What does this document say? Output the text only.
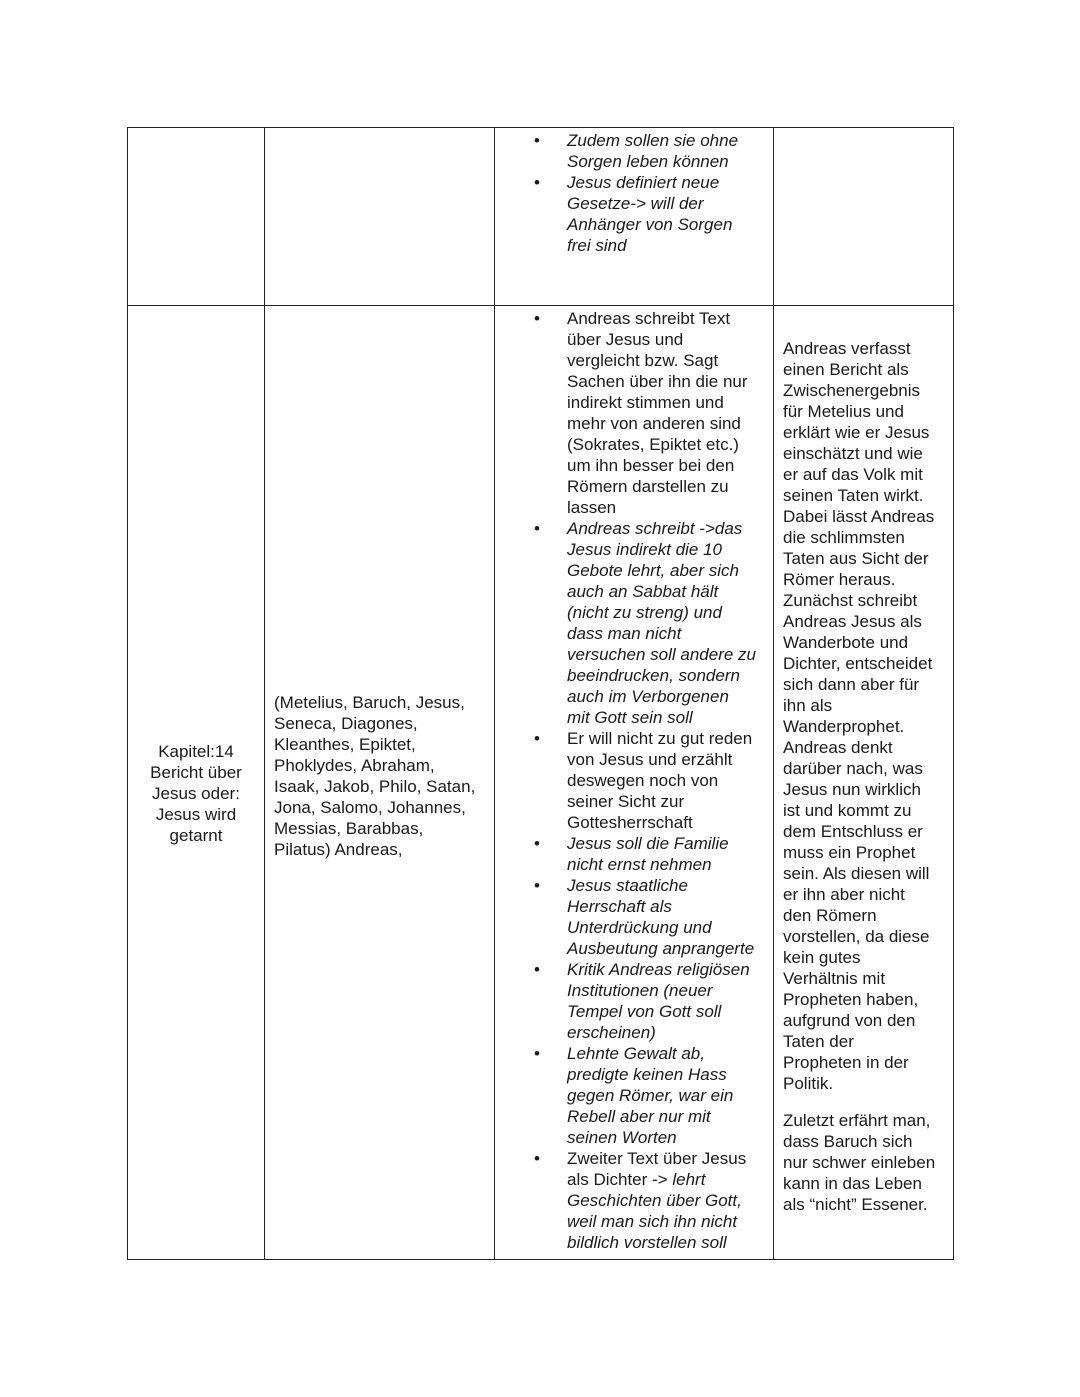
• Zudem sollen sie ohne
Sorgen leben können
• Jesus definiert neue
Gesetze-> will der
Anhänger von Sorgen
frei sind
Kapitel:14
Bericht über
Jesus oder:
Jesus wird
getarnt
(Metelius, Baruch, Jesus,
Seneca, Diagones,
Kleanthes, Epiktet,
Phoklydes, Abraham,
Isaak, Jakob, Philo, Satan,
Jona, Salomo, Johannes,
Messias, Barabbas,
Pilatus) Andreas,
• Andreas schreibt Text
über Jesus und
vergleicht bzw. Sagt
Sachen über ihn die nur
indirekt stimmen und
mehr von anderen sind
(Sokrates, Epiktet etc.)
um ihn besser bei den
Römern darstellen zu
lassen
• Andreas schreibt ->das
Jesus indirekt die 10
Gebote lehrt, aber sich
auch an Sabbat hält
(nicht zu streng) und
dass man nicht
versuchen soll andere zu
beeindrucken, sondern
auch im Verborgenen
mit Gott sein soll
• Er will nicht zu gut reden
von Jesus und erzählt
deswegen noch von
seiner Sicht zur
Gottesherrschaft
• Jesus soll die Familie
nicht ernst nehmen
• Jesus staatliche
Herrschaft als
Unterdrückung und
Ausbeutung anprangerte
• Kritik Andreas religiösen
Institutionen (neuer
Tempel von Gott soll
erscheinen)
• Lehnte Gewalt ab,
predigte keinen Hass
gegen Römer, war ein
Rebell aber nur mit
seinen Worten
• Zweiter Text über Jesus
als Dichter -> lehrt
Geschichten über Gott,
weil man sich ihn nicht
bildlich vorstellen soll
Andreas verfasst
einen Bericht als
Zwischenergebnis
für Metelius und
erklärt wie er Jesus
einschätzt und wie
er auf das Volk mit
seinen Taten wirkt.
Dabei lässt Andreas
die schlimmsten
Taten aus Sicht der
Römer heraus.
Zunächst schreibt
Andreas Jesus als
Wanderbote und
Dichter, entscheidet
sich dann aber für
ihn als
Wanderprophet.
Andreas denkt
darüber nach, was
Jesus nun wirklich
ist und kommt zu
dem Entschluss er
muss ein Prophet
sein. Als diesen will
er ihn aber nicht
den Römern
vorstellen, da diese
kein gutes
Verhältnis mit
Propheten haben,
aufgrund von den
Taten der
Propheten in der
Politik.
Zuletzt erfährt man,
dass Baruch sich
nur schwer einleben
kann in das Leben
als “nicht” Essener.
